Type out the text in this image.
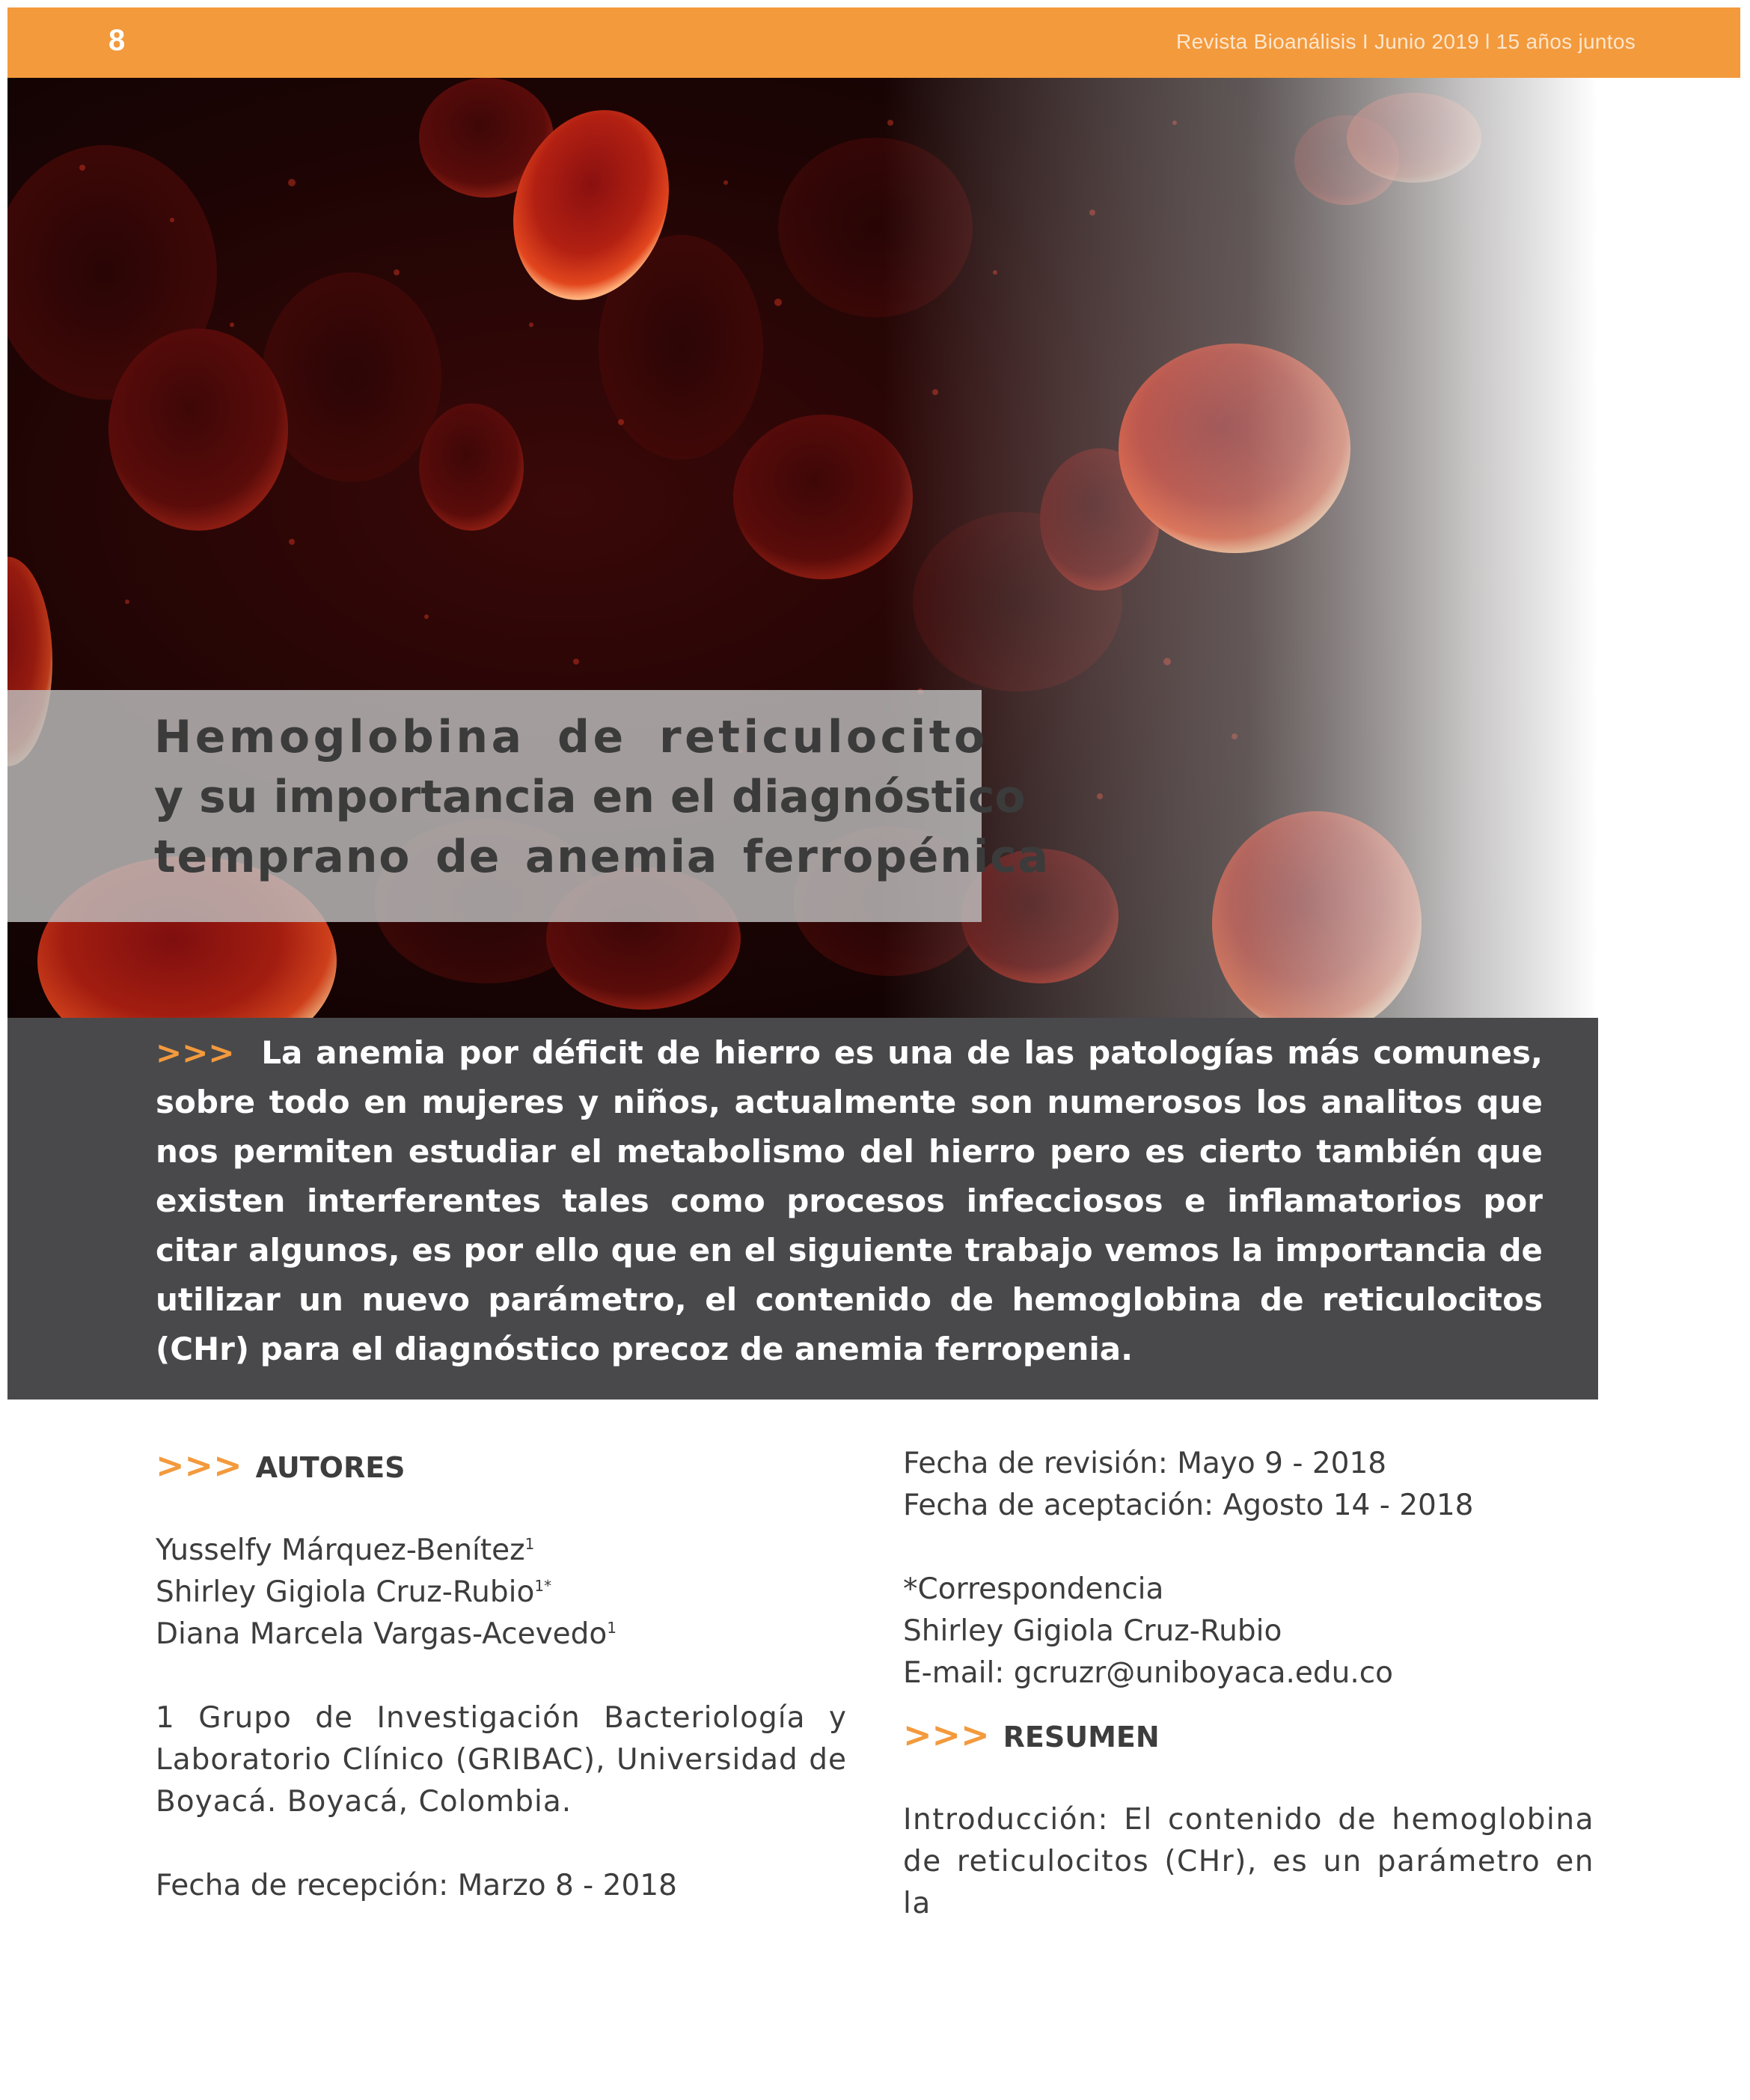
8	Revista Bioanálisis I Junio 2019 l 15 años juntos
Hemoglobina de reticulocito
y su importancia en el diagnóstico
temprano de anemia ferropénica

>>> La anemia por déficit de hierro es una de las patologías más comunes, sobre todo en mujeres y niños, actualmente son numerosos los analitos que nos permiten estudiar el metabolismo del hierro pero es cierto también que existen interferentes tales como procesos infecciosos e inflamatorios por citar algunos, es por ello que en el siguiente trabajo vemos la importancia de utilizar un nuevo parámetro, el contenido de hemoglobina de reticulocitos (CHr) para el diagnóstico precoz de anemia ferropenia.

>>> AUTORES
Yusselfy Márquez-Benítez$^1$
Shirley Gigiola Cruz-Rubio$^{1*}$
Diana Marcela Vargas-Acevedo$^1$
1 Grupo de Investigación Bacteriología y Laboratorio Clínico (GRIBAC), Universidad de Boyacá. Boyacá, Colombia.
Fecha de recepción: Marzo 8 - 2018
Fecha de revisión: Mayo 9 - 2018
Fecha de aceptación: Agosto 14 - 2018
*Correspondencia
Shirley Gigiola Cruz-Rubio
E-mail: gcruzr@uniboyaca.edu.co
>>> RESUMEN
Introducción: El contenido de hemoglobina de reticulocitos (CHr), es un parámetro en la
